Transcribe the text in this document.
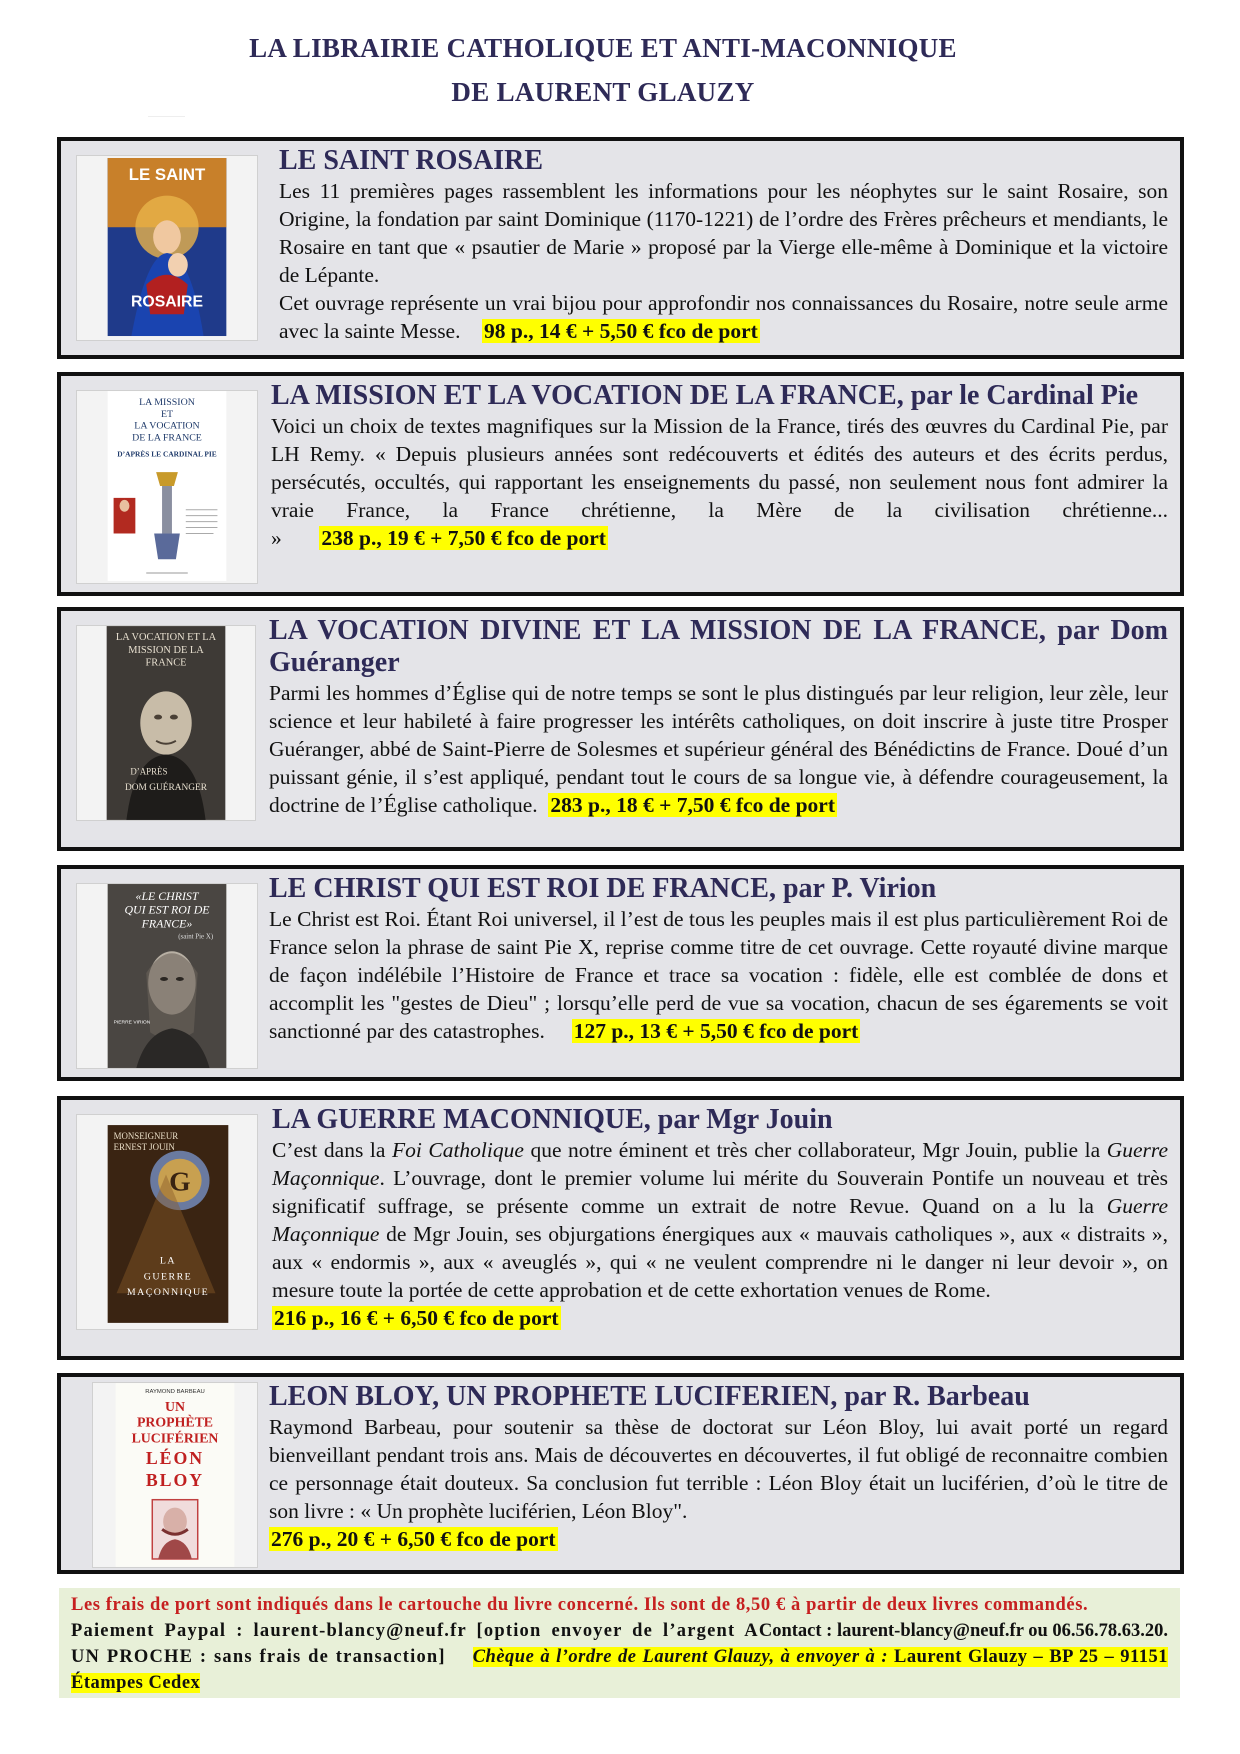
LA LIBRAIRIE CATHOLIQUE ET ANTI-MACONNIQUE
DE LAURENT GLAUZY
·····································
LE SAINT
ROSAIRE
LE SAINT ROSAIRE
Les 11 premières pages rassemblent les informations pour les néophytes sur le saint Rosaire, son Origine, la fondation par saint Dominique (1170-1221) de l’ordre des Frères prêcheurs et mendiants, le Rosaire en tant que « psautier de Marie » proposé par la Vierge elle-même à Dominique et la victoire de Lépante.
Cet ouvrage représente un vrai bijou pour approfondir nos connaissances du Rosaire, notre seule arme avec la sainte Messe. 98 p., 14 € + 5,50 € fco de port
LA MISSION
ET
LA VOCATION
DE LA FRANCE
D’APRÈS LE CARDINAL PIE
LA MISSION ET LA VOCATION DE LA FRANCE, par le Cardinal Pie
Voici un choix de textes magnifiques sur la Mission de la France, tirés des œuvres du Cardinal Pie, par LH Remy. « Depuis plusieurs années sont redécouverts et édités des auteurs et des écrits perdus, persécutés, occultés, qui rapportant les enseignements du passé, non seulement nous font admirer la vraie France, la France chrétienne, la Mère de la civilisation chrétienne... » 238 p., 19 € + 7,50 € fco de port
LA VOCATION ET LA
MISSION DE LA
FRANCE
D’APRÈS
DOM GUÉRANGER
LA VOCATION DIVINE ET LA MISSION DE LA FRANCE, par Dom Guéranger
Parmi les hommes d’Église qui de notre temps se sont le plus distingués par leur religion, leur zèle, leur science et leur habileté à faire progresser les intérêts catholiques, on doit inscrire à juste titre Prosper Guéranger, abbé de Saint-Pierre de Solesmes et supérieur général des Bénédictins de France. Doué d’un puissant génie, il s’est appliqué, pendant tout le cours de sa longue vie, à défendre courageusement, la doctrine de l’Église catholique. 283 p., 18 € + 7,50 € fco de port
«LE CHRIST
QUI EST ROI DE
FRANCE»
(saint Pie X)
PIERRE VIRION
LE CHRIST QUI EST ROI DE FRANCE, par P. Virion
Le Christ est Roi. Étant Roi universel, il l’est de tous les peuples mais il est plus particulièrement Roi de France selon la phrase de saint Pie X, reprise comme titre de cet ouvrage. Cette royauté divine marque de façon indélébile l’Histoire de France et trace sa vocation : fidèle, elle est comblée de dons et accomplit les "gestes de Dieu" ; lorsqu’elle perd de vue sa vocation, chacun de ses égarements se voit sanctionné par des catastrophes. 127 p., 13 € + 5,50 € fco de port
MONSEIGNEUR
ERNEST JOUIN
G
LA
GUERRE
MAÇONNIQUE
LA GUERRE MACONNIQUE, par Mgr Jouin
C’est dans la Foi Catholique que notre éminent et très cher collaborateur, Mgr Jouin, publie la Guerre Maçonnique. L’ouvrage, dont le premier volume lui mérite du Souverain Pontife un nouveau et très significatif suffrage, se présente comme un extrait de notre Revue. Quand on a lu la Guerre Maçonnique de Mgr Jouin, ses objurgations énergiques aux « mauvais catholiques », aux « distraits », aux « endormis », aux « aveuglés », qui « ne veulent comprendre ni le danger ni leur devoir », on mesure toute la portée de cette approbation et de cette exhortation venues de Rome.
216 p., 16 € + 6,50 € fco de port
RAYMOND BARBEAU
UN
PROPHÈTE
LUCIFÉRIEN
LÉON
BLOY
LEON BLOY, UN PROPHETE LUCIFERIEN, par R. Barbeau
Raymond Barbeau, pour soutenir sa thèse de doctorat sur Léon Bloy, lui avait porté un regard bienveillant pendant trois ans. Mais de découvertes en découvertes, il fut obligé de reconnaitre combien ce personnage était douteux. Sa conclusion fut terrible : Léon Bloy était un luciférien, d’où le titre de son livre : « Un prophète luciférien, Léon Bloy".
276 p., 20 € + 6,50 € fco de port
Les frais de port sont indiqués dans le cartouche du livre concerné. Ils sont de 8,50 € à partir de deux livres commandés.
Contact : laurent-blancy@neuf.fr ou 06.56.78.63.20.
Paiement Paypal : laurent-blancy@neuf.fr [option envoyer de l’argent A UN PROCHE : sans frais de transaction] Chèque à l’ordre de Laurent Glauzy, à envoyer à : Laurent Glauzy – BP 25 – 91151 Étampes Cedex
